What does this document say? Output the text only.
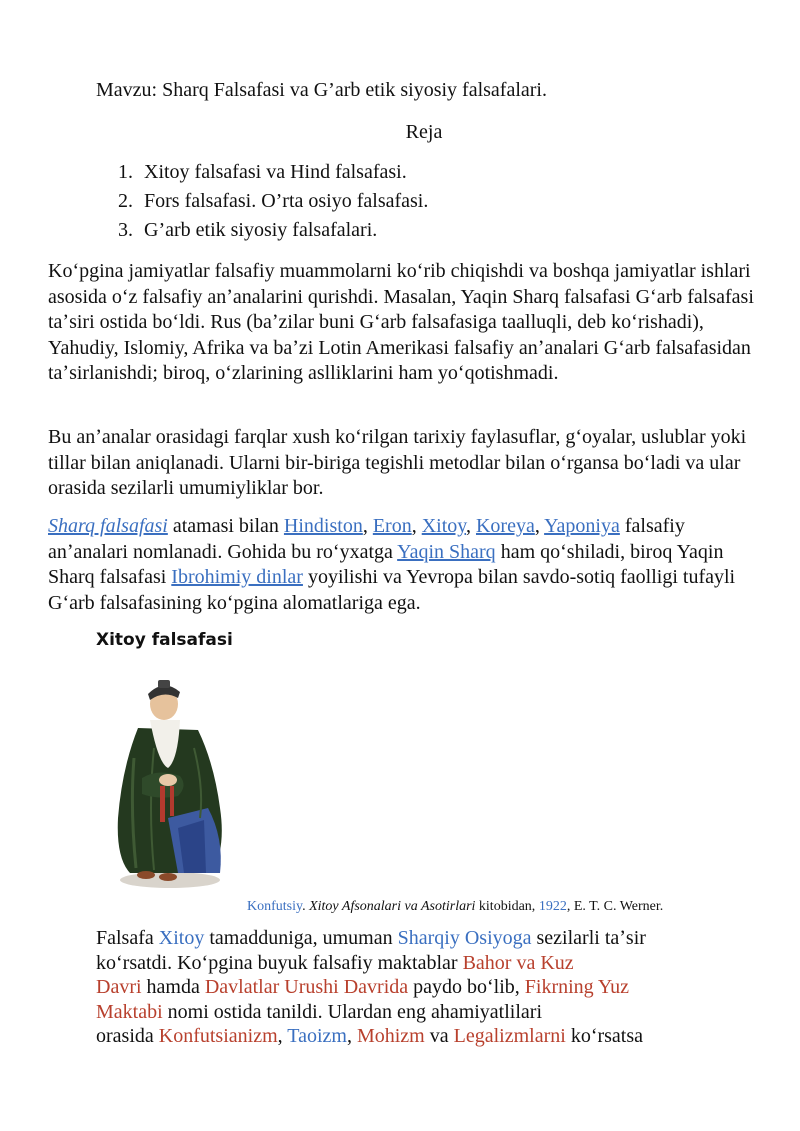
Mavzu: Sharq Falsafasi va G’arb etik siyosiy falsafalari.

Reja

1. Xitoy falsafasi va Hind falsafasi.
2. Fors falsafasi. O’rta osiyo falsafasi.
3. G’arb etik siyosiy falsafalari.

Koʻpgina jamiyatlar falsafiy muammolarni koʻrib chiqishdi va boshqa jamiyatlar ishlari asosida oʻz falsafiy anʼanalarini qurishdi. Masalan, Yaqin Sharq falsafasi Gʻarb falsafasi taʼsiri ostida boʻldi. Rus (baʼzilar buni Gʻarb falsafasiga taalluqli, deb koʻrishadi), Yahudiy, Islomiy, Afrika va baʼzi Lotin Amerikasi falsafiy anʼanalari Gʻarb falsafasidan taʼsirlanishdi; biroq, oʻzlarining aslliklarini ham yoʻqotishmadi.

Bu anʼanalar orasidagi farqlar xush koʻrilgan tarixiy faylasuflar, gʻoyalar, uslublar yoki tillar bilan aniqlanadi. Ularni bir-biriga tegishli metodlar bilan oʻrgansa boʻladi va ular orasida sezilarli umumiyliklar bor.

Sharq falsafasi atamasi bilan Hindiston, Eron, Xitoy, Koreya, Yaponiya falsafiy anʼanalari nomlanadi. Gohida bu roʻyxatga Yaqin Sharq ham qoʻshiladi, biroq Yaqin Sharq falsafasi Ibrohimiy dinlar yoyilishi va Yevropa bilan savdo-sotiq faolligi tufayli Gʻarb falsafasining koʻpgina alomatlariga ega.

Xitoy falsafasi

Konfutsiy. Xitoy Afsonalari va Asotirlari kitobidan, 1922, E. T. C. Werner.

Falsafa Xitoy tamadduniga, umuman Sharqiy Osiyoga sezilarli taʼsir
koʻrsatdi. Koʻpgina buyuk falsafiy maktablar Bahor va Kuz
Davri hamda Davlatlar Urushi Davrida paydo boʻlib, Fikrning Yuz
Maktabi nomi ostida tanildi. Ulardan eng ahamiyatlilari
orasida Konfutsianizm, Taoizm, Mohizm va Legalizmlarni koʻrsatsa
